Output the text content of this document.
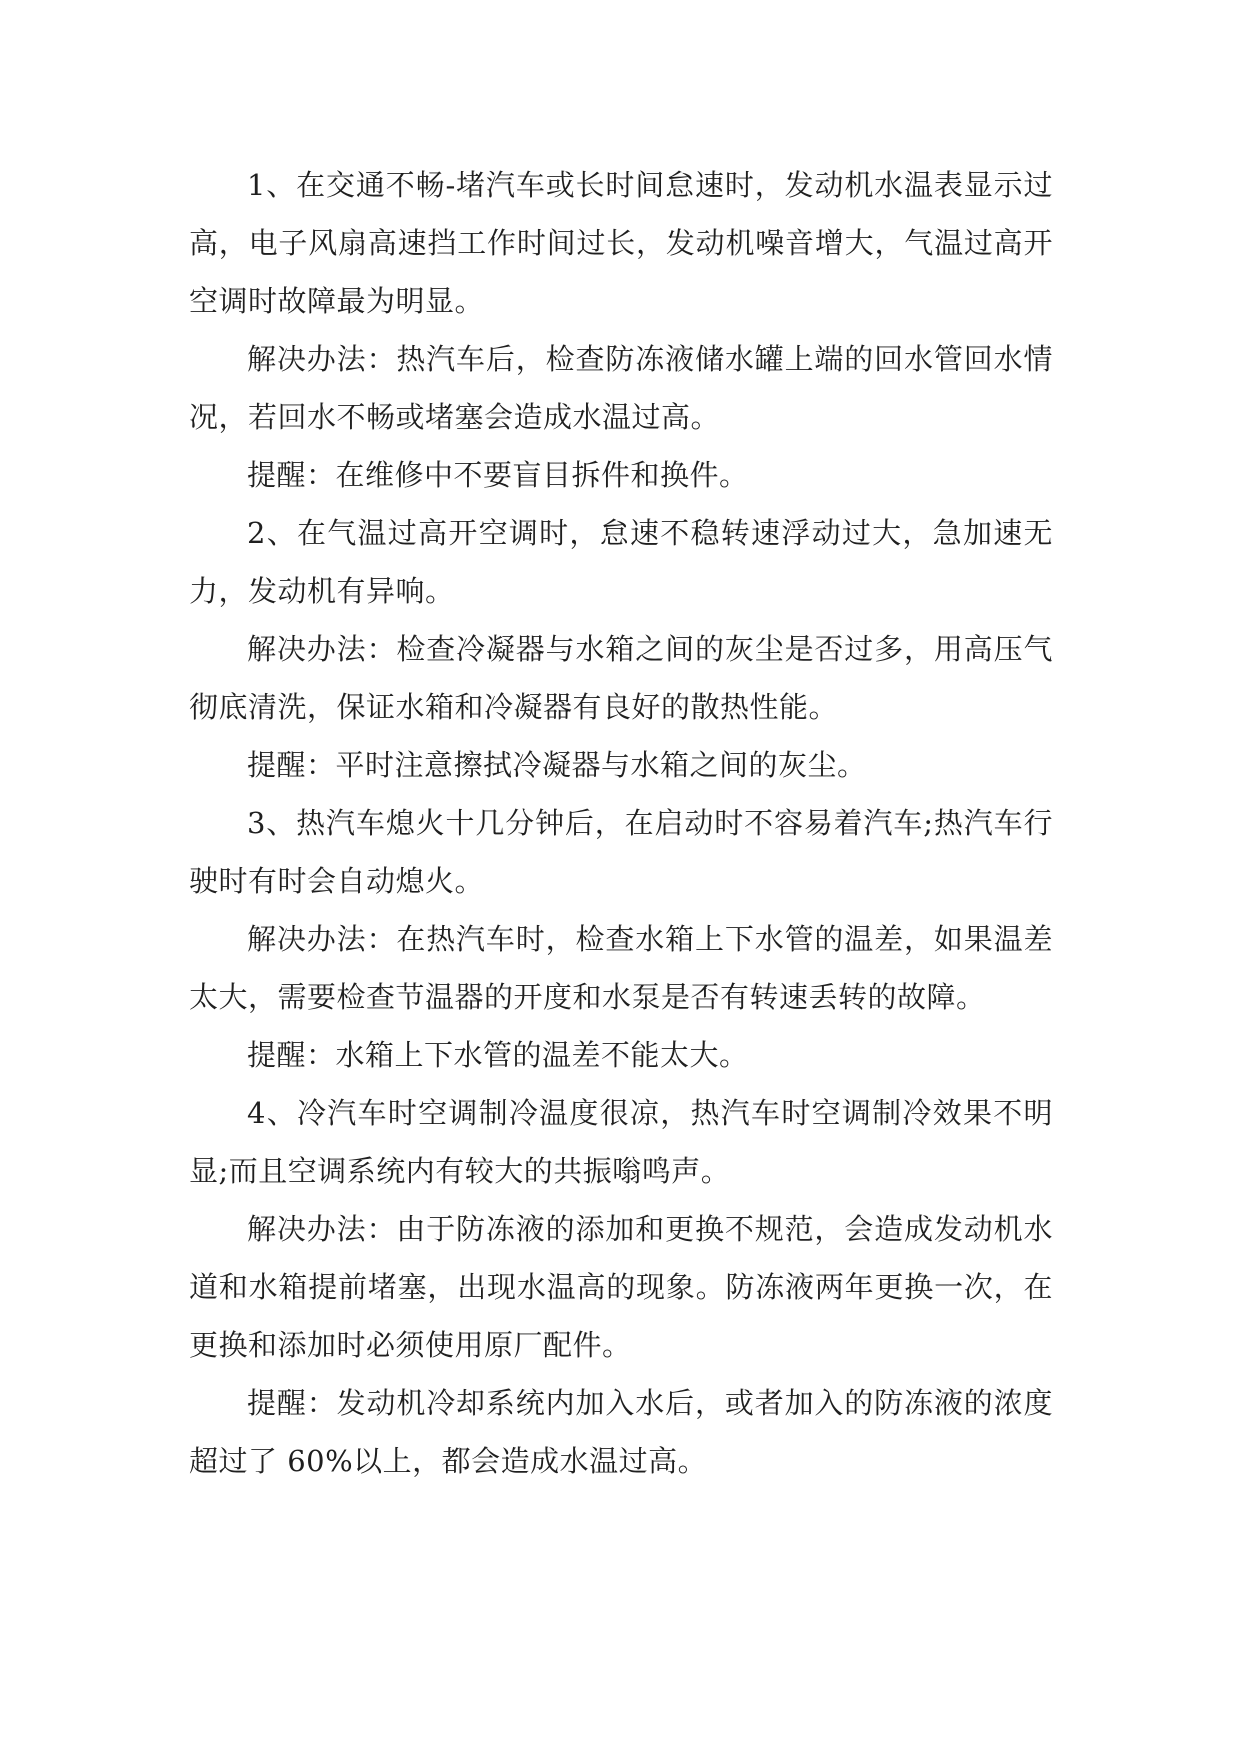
1、在交通不畅-堵汽车或长时间怠速时，发动机水温表显示过高，电子风扇高速挡工作时间过长，发动机噪音增大，气温过高开空调时故障最为明显。

解决办法：热汽车后，检查防冻液储水罐上端的回水管回水情况，若回水不畅或堵塞会造成水温过高。

提醒：在维修中不要盲目拆件和换件。

2、在气温过高开空调时，怠速不稳转速浮动过大，急加速无力，发动机有异响。

解决办法：检查冷凝器与水箱之间的灰尘是否过多，用高压气彻底清洗，保证水箱和冷凝器有良好的散热性能。

提醒：平时注意擦拭冷凝器与水箱之间的灰尘。

3、热汽车熄火十几分钟后，在启动时不容易着汽车;热汽车行驶时有时会自动熄火。

解决办法：在热汽车时，检查水箱上下水管的温差，如果温差太大，需要检查节温器的开度和水泵是否有转速丢转的故障。

提醒：水箱上下水管的温差不能太大。

4、冷汽车时空调制冷温度很凉，热汽车时空调制冷效果不明显;而且空调系统内有较大的共振嗡鸣声。

解决办法：由于防冻液的添加和更换不规范，会造成发动机水道和水箱提前堵塞，出现水温高的现象。防冻液两年更换一次，在更换和添加时必须使用原厂配件。

提醒：发动机冷却系统内加入水后，或者加入的防冻液的浓度超过了 60%以上，都会造成水温过高。
